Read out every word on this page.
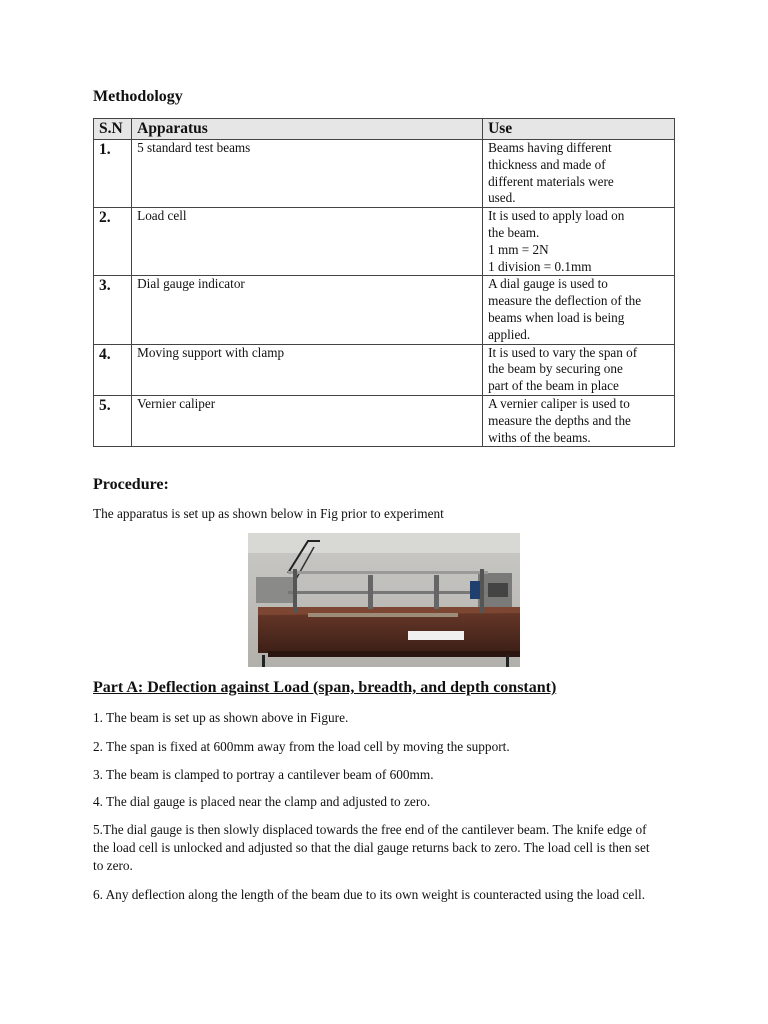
Methodology
S.N	Apparatus	Use
1.	5 standard test beams	Beams having different
thickness and made of
different materials were
used.

2.	Load cell	It is used to apply load on
the beam.
1 mm = 2N
1 division = 0.1mm

3.	Dial gauge indicator	A dial gauge is used to
measure the deflection of the
beams when load is being
applied.

4.	Moving support with clamp	It is used to vary the span of
the beam by securing one
part of the beam in place

5.	Vernier caliper	A vernier caliper is used to
measure the depths and the
withs of the beams.
Procedure:
The apparatus is set up as shown below in Fig prior to experiment
Part A: Deflection against Load (span, breadth, and depth constant)
1. The beam is set up as shown above in Figure.
2. The span is fixed at 600mm away from the load cell by moving the support.
3. The beam is clamped to portray a cantilever beam of 600mm.
4. The dial gauge is placed near the clamp and adjusted to zero.
5.The dial gauge is then slowly displaced towards the free end of the cantilever beam. The knife edge of the load cell is unlocked and adjusted so that the dial gauge returns back to zero. The load cell is then set to zero.
6. Any deflection along the length of the beam due to its own weight is counteracted using the load cell.
